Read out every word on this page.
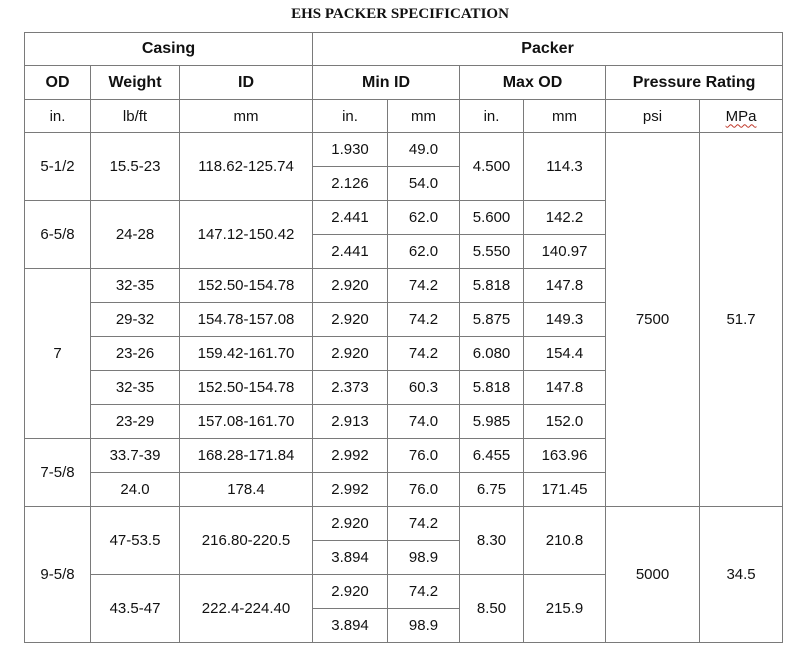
EHS PACKER SPECIFICATION
Casing			Packer					
OD	Weight	ID	Min ID		Max OD		Pressure Rating	
in.	lb/ft	mm	in.	mm	in.	mm	psi	MPa
5-1/2	15.5-23	118.62-125.74	1.930	49.0	4.500	114.3	7500	51.7
			2.126	54.0				
6-5/8	24-28	147.12-150.42	2.441	62.0	5.600	142.2		
			2.441	62.0	5.550	140.97		
7	32-35	152.50-154.78	2.920	74.2	5.818	147.8		
	29-32	154.78-157.08	2.920	74.2	5.875	149.3		
	23-26	159.42-161.70	2.920	74.2	6.080	154.4		
	32-35	152.50-154.78	2.373	60.3	5.818	147.8		
	23-29	157.08-161.70	2.913	74.0	5.985	152.0		
7-5/8	33.7-39	168.28-171.84	2.992	76.0	6.455	163.96		
	24.0	178.4	2.992	76.0	6.75	171.45		
9-5/8	47-53.5	216.80-220.5	2.920	74.2	8.30	210.8	5000	34.5
			3.894	98.9				
	43.5-47	222.4-224.40	2.920	74.2	8.50	215.9		
			3.894	98.9				
